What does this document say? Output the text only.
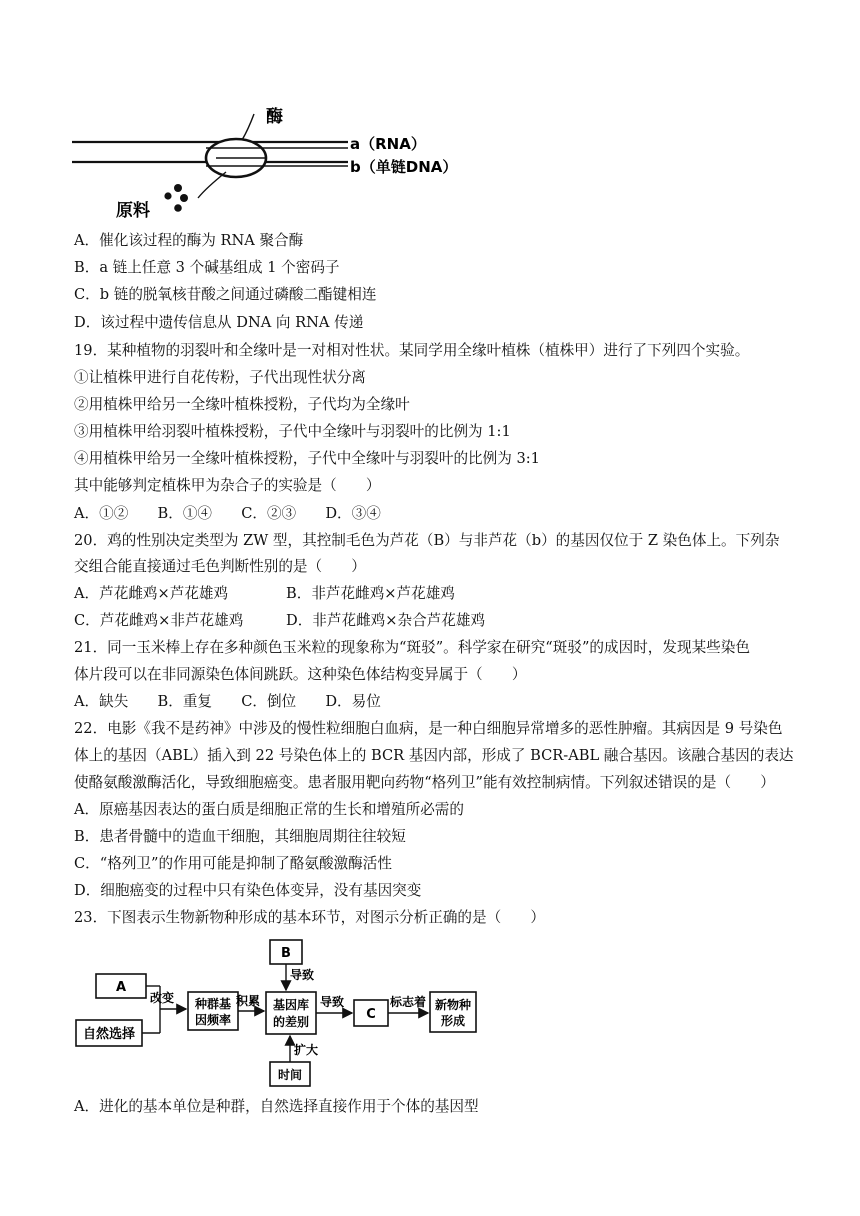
酶
a（RNA）
b（单链DNA）
原料
A．催化该过程的酶为 RNA 聚合酶
B．a 链上任意 3 个碱基组成 1 个密码子
C．b 链的脱氧核苷酸之间通过磷酸二酯键相连
D．该过程中遗传信息从 DNA 向 RNA 传递
19．某种植物的羽裂叶和全缘叶是一对相对性状。某同学用全缘叶植株（植株甲）进行了下列四个实验。
①让植株甲进行自花传粉，子代出现性状分离
②用植株甲给另一全缘叶植株授粉，子代均为全缘叶
③用植株甲给羽裂叶植株授粉，子代中全缘叶与羽裂叶的比例为 1:1
④用植株甲给另一全缘叶植株授粉，子代中全缘叶与羽裂叶的比例为 3:1
其中能够判定植株甲为杂合子的实验是（　　）
A．①②　　B．①④　　C．②③　　D．③④
20．鸡的性别决定类型为 ZW 型，其控制毛色为芦花（B）与非芦花（b）的基因仅位于 Z 染色体上。下列杂
交组合能直接通过毛色判断性别的是（　　）
A．芦花雌鸡×芦花雄鸡	B．非芦花雌鸡×芦花雄鸡
C．芦花雌鸡×非芦花雄鸡	D．非芦花雌鸡×杂合芦花雄鸡
21．同一玉米棒上存在多种颜色玉米粒的现象称为“斑驳”。科学家在研究“斑驳”的成因时，发现某些染色
体片段可以在非同源染色体间跳跃。这种染色体结构变异属于（　　）
A．缺失　　B．重复　　C．倒位　　D．易位
22．电影《我不是药神》中涉及的慢性粒细胞白血病，是一种白细胞异常增多的恶性肿瘤。其病因是 9 号染色
体上的基因（ABL）插入到 22 号染色体上的 BCR 基因内部，形成了 BCR-ABL 融合基因。该融合基因的表达
使酪氨酸激酶活化，导致细胞癌变。患者服用靶向药物“格列卫”能有效控制病情。下列叙述错误的是（　　）
A．原癌基因表达的蛋白质是细胞正常的生长和增殖所必需的
B．患者骨髓中的造血干细胞，其细胞周期往往较短
C．“格列卫”的作用可能是抑制了酪氨酸激酶活性
D．细胞癌变的过程中只有染色体变异，没有基因突变
23．下图表示生物新物种形成的基本环节，对图示分析正确的是（　　）
A
自然选择
改变 种群基
因频率
积累 基因库
的差别
B
导致
时间
扩大
导致
C
标志着 新物种
形成
A．进化的基本单位是种群，自然选择直接作用于个体的基因型
